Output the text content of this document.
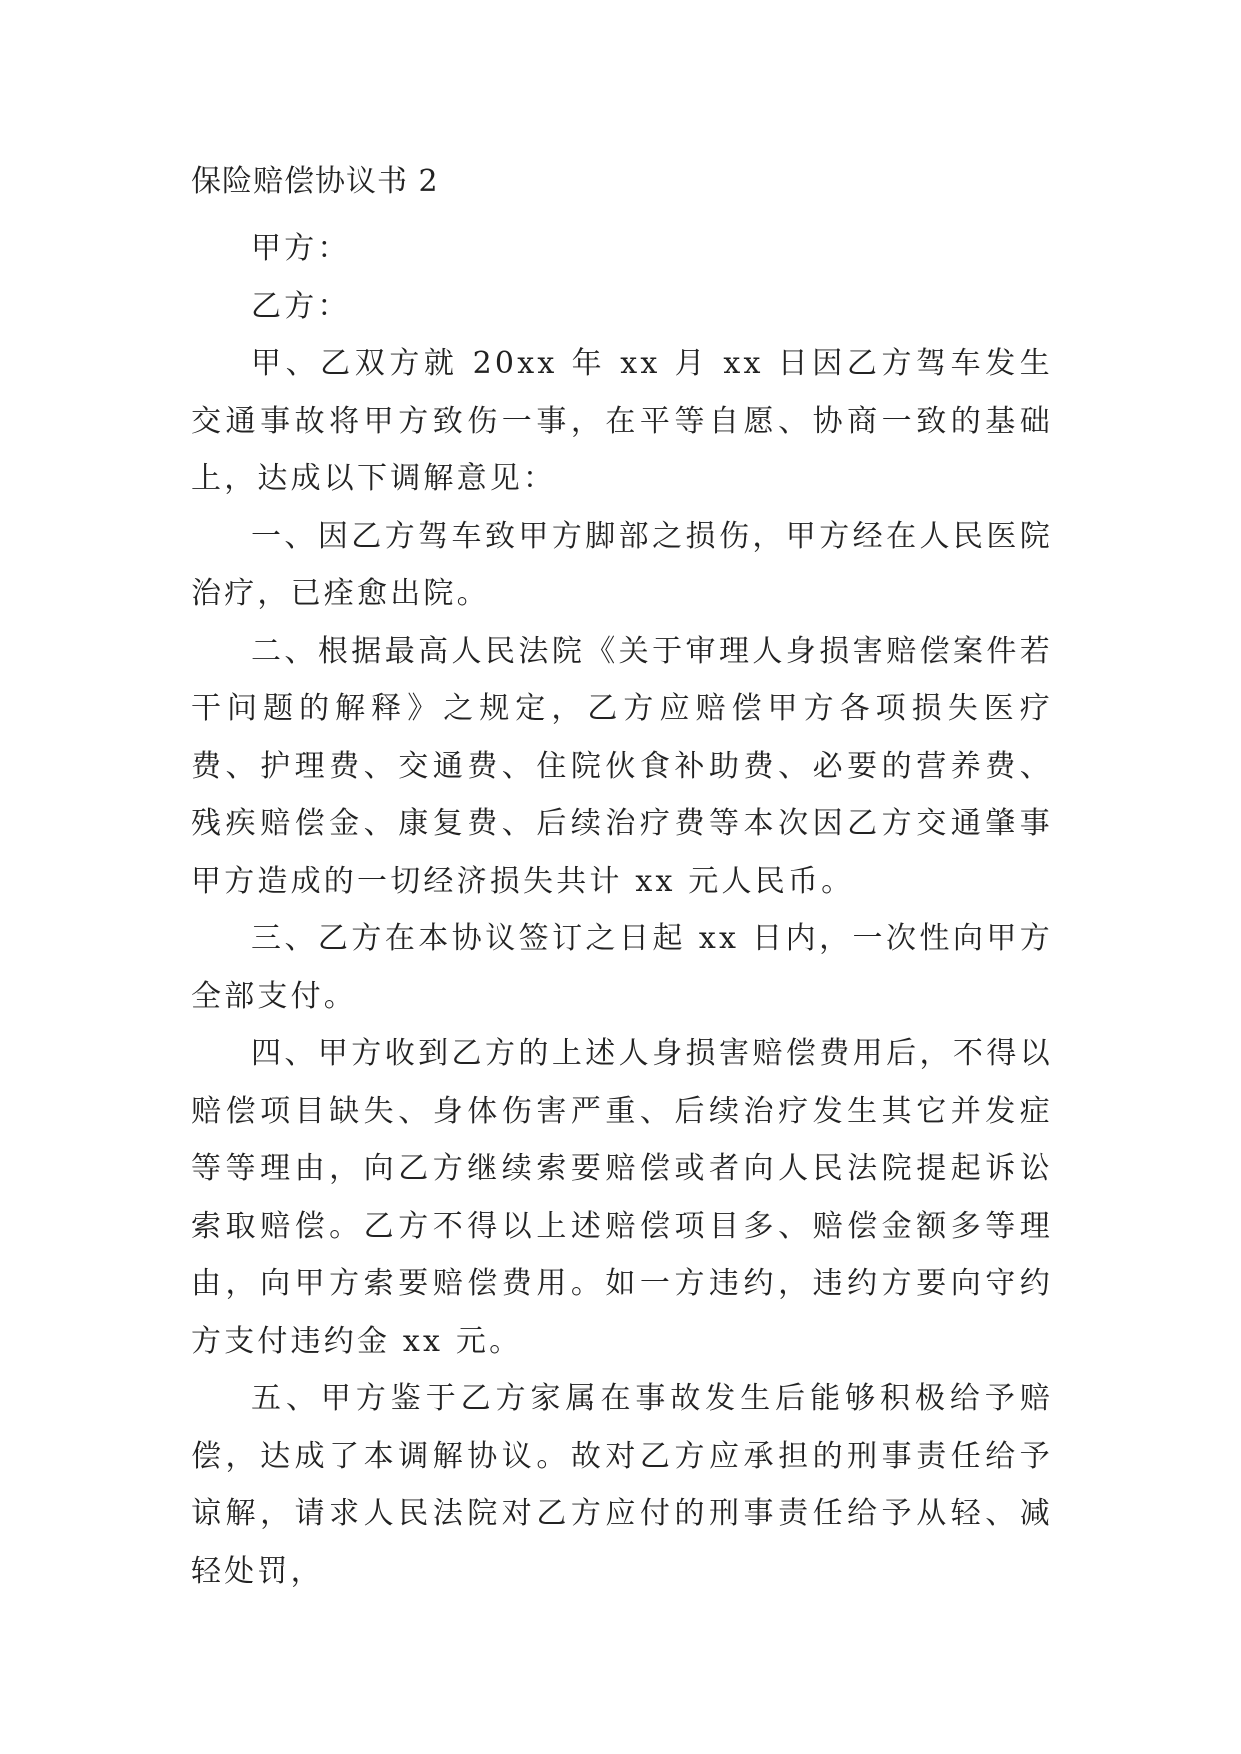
保险赔偿协议书 2

甲方：

乙方：

甲、乙双方就 20xx 年 xx 月 xx 日因乙方驾车发生交通事故将甲方致伤一事，在平等自愿、协商一致的基础上，达成以下调解意见：

一、因乙方驾车致甲方脚部之损伤，甲方经在人民医院治疗，已痊愈出院。

二、根据最高人民法院《关于审理人身损害赔偿案件若干问题的解释》之规定，乙方应赔偿甲方各项损失医疗费、护理费、交通费、住院伙食补助费、必要的营养费、残疾赔偿金、康复费、后续治疗费等本次因乙方交通肇事甲方造成的一切经济损失共计 xx 元人民币。

三、乙方在本协议签订之日起 xx 日内，一次性向甲方全部支付。

四、甲方收到乙方的上述人身损害赔偿费用后，不得以赔偿项目缺失、身体伤害严重、后续治疗发生其它并发症等等理由，向乙方继续索要赔偿或者向人民法院提起诉讼索取赔偿。乙方不得以上述赔偿项目多、赔偿金额多等理由，向甲方索要赔偿费用。如一方违约，违约方要向守约方支付违约金 xx 元。

五、甲方鉴于乙方家属在事故发生后能够积极给予赔偿，达成了本调解协议。故对乙方应承担的刑事责任给予谅解，请求人民法院对乙方应付的刑事责任给予从轻、减轻处罚，
